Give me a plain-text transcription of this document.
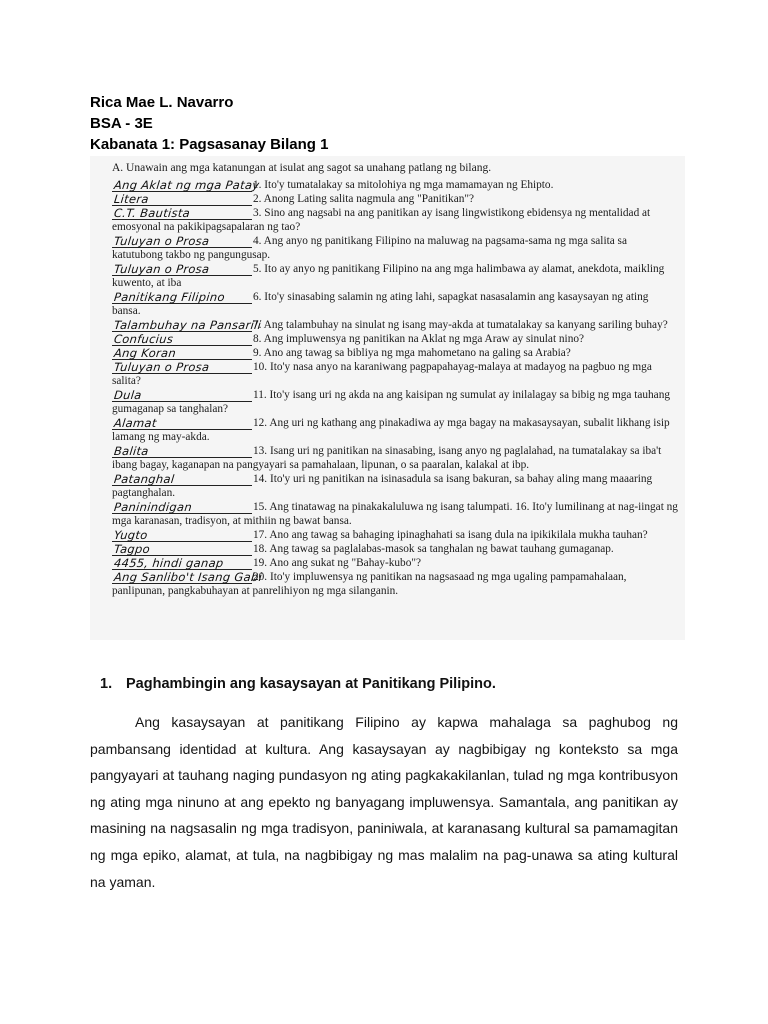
Rica Mae L. Navarro
BSA - 3E
Kabanata 1: Pagsasanay Bilang 1
A. Unawain ang mga katanungan at isulat ang sagot sa unahang patlang ng bilang.
Ang Aklat ng mga Patay
1. Ito'y tumatalakay sa mitolohiya ng mga mamamayan ng Ehipto.
Litera	2. Anong Lating salita nagmula ang "Panitikan"?
C.T. Bautista	3. Sino ang nagsabi na ang panitikan ay isang lingwistikong ebidensya ng mentalidad at emosyonal na pakikipagsapalaran ng tao?
Tuluyan o Prosa	4. Ang anyo ng panitikang Filipino na maluwag na pagsama-sama ng mga salita sa katutubong takbo ng pangungusap.
Tuluyan o Prosa	5. Ito ay anyo ng panitikang Filipino na ang mga halimbawa ay alamat, anekdota, maikling kuwento, at iba
Panitikang Filipino 6. Ito'y sinasabing salamin ng ating lahi, sapagkat nasasalamin ang kasaysayan ng ating bansa.
Talambuhay na Pansarili
7. Ang talambuhay na sinulat ng isang may-akda at tumatalakay sa kanyang sariling buhay?
Confucius	8. Ang impluwensya ng panitikan na Aklat ng mga Araw ay sinulat nino?
Ang Koran	9. Ano ang tawag sa bibliya ng mga mahometano na galing sa Arabia?
Tuluyan o Prosa	10. Ito'y nasa anyo na karaniwang pagpapahayag-malaya at madayog na pagbuo ng mga salita?
Dula	11. Ito'y isang uri ng akda na ang kaisipan ng sumulat ay inilalagay sa bibig ng mga tauhang gumaganap sa tanghalan?
Alamat	12. Ang uri ng kathang ang pinakadiwa ay mga bagay na makasaysayan, subalit likhang isip lamang ng may-akda.
Balita	13. Isang uri ng panitikan na sinasabing, isang anyo ng paglalahad, na tumatalakay sa iba't ibang bagay, kaganapan na pangyayari sa pamahalaan, lipunan, o sa paaralan, kalakal at ibp.
Patanghal	14. Ito'y uri ng panitikan na isinasadula sa isang bakuran, sa bahay aling mang maaaring pagtanghalan.
Paninindigan	15. Ang tinatawag na pinakakaluluwa ng isang talumpati. 16. Ito'y lumilinang at nag-iingat ng mga karanasan, tradisyon, at mithiin ng bawat bansa.
Yugto	17. Ano ang tawag sa bahaging ipinaghahati sa isang dula na ipikikilala mukha tauhan?
Tagpo	18. Ang tawag sa paglalabas-masok sa tanghalan ng bawat tauhang gumaganap.
4455, hindi ganap	19. Ano ang sukat ng "Bahay-kubo"?
Ang Sanlibo't Isang Gabi
20. Ito'y impluwensya ng panitikan na nagsasaad ng mga ugaling pampamahalaan, panlipunan, pangkabuhayan at panrelihiyon ng mga silanganin.
1. Paghambingin ang kasaysayan at Panitikang Pilipino.
Ang kasaysayan at panitikang Filipino ay kapwa mahalaga sa paghubog ng pambansang identidad at kultura. Ang kasaysayan ay nagbibigay ng konteksto sa mga pangyayari at tauhang naging pundasyon ng ating pagkakakilanlan, tulad ng mga kontribusyon ng ating mga ninuno at ang epekto ng banyagang impluwensya. Samantala, ang panitikan ay masining na nagsasalin ng mga tradisyon, paniniwala, at karanasang kultural sa pamamagitan ng mga epiko, alamat, at tula, na nagbibigay ng mas malalim na pag-unawa sa ating kultural na yaman.
